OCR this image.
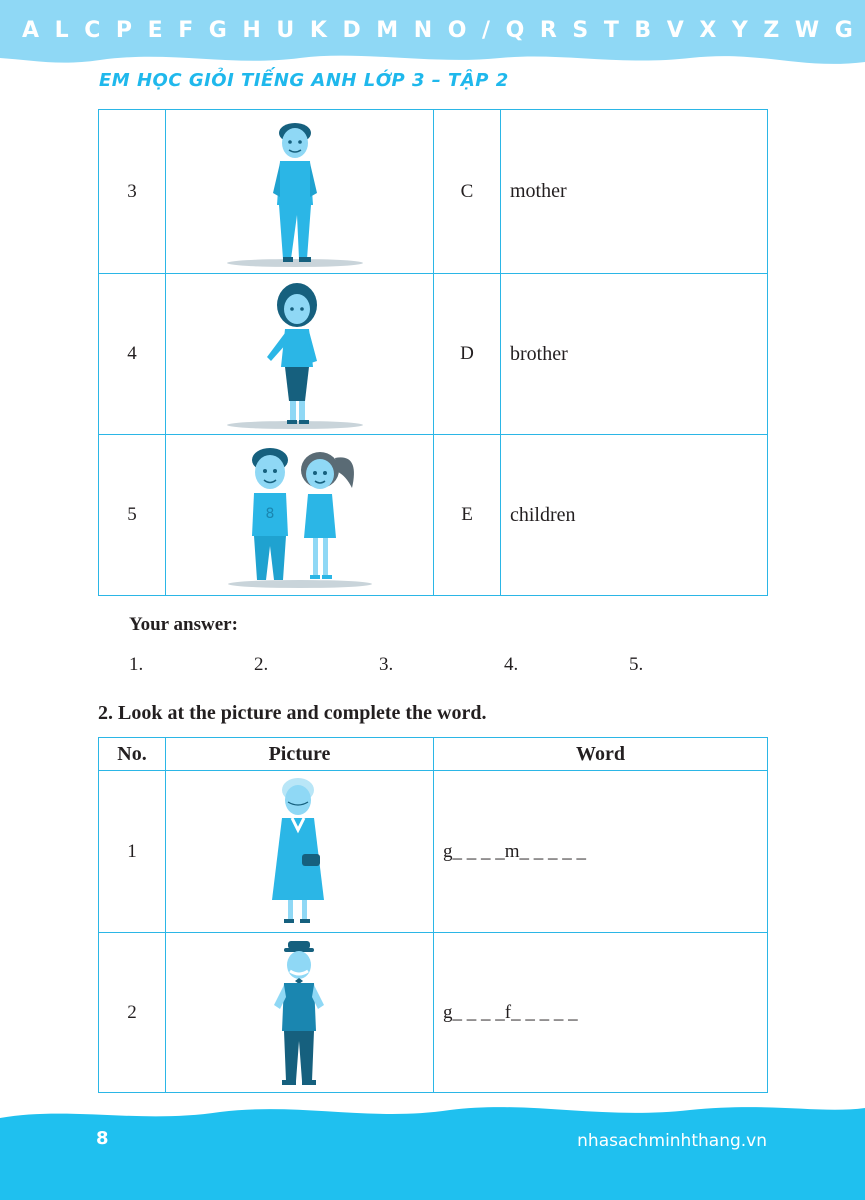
A L C P E F G H U K D M N O / Q R S T B V X Y Z W G
EM HỌC GIỎI TIẾNG ANH LỚP 3 – TẬP 2
3		C	mother
4		D	brother
5	8	E	children
Your answer:
1.	2.	3.	4.	5.
2. Look at the picture and complete the word.
No.	Picture	Word
1		g_ _ _ _m_ _ _ _ _
2		g_ _ _ _f_ _ _ _ _
8	nhasachminhthang.vn
